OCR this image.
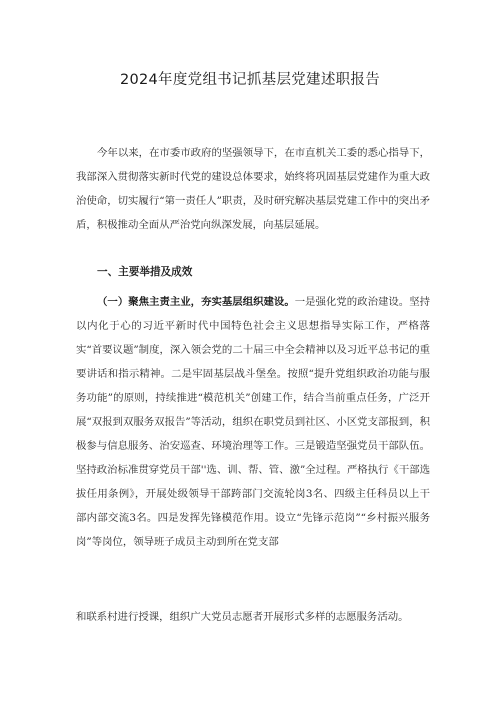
2024年度党组书记抓基层党建述职报告

今年以来，在市委市政府的坚强领导下，在市直机关工委的悉心指导下，我部深入贯彻落实新时代党的建设总体要求，始终将巩固基层党建作为重大政治使命，切实履行“第一责任人”职责，及时研究解决基层党建工作中的突出矛盾，积极推动全面从严治党向纵深发展，向基层延展。

一、主要举措及成效

（一）聚焦主责主业，夯实基层组织建设。一是强化党的政治建设。坚持以内化于心的习近平新时代中国特色社会主义思想指导实际工作，严格落实“首要议题”制度，深入领会党的二十届三中全会精神以及习近平总书记的重要讲话和指示精神。二是牢固基层战斗堡垒。按照“提升党组织政治功能与服务功能”的原则，持续推进“模范机关”创建工作，结合当前重点任务，广泛开展“双报到双服务双报告”等活动，组织在职党员到社区、小区党支部报到，积极参与信息服务、治安巡查、环境治理等工作。三是锻造坚强党员干部队伍。坚持政治标准贯穿党员干部''选、训、帮、管、激”全过程。严格执行《干部选拔任用条例》，开展处级领导干部跨部门交流轮岗3名、四级主任科员以上干部内部交流3名。四是发挥先锋模范作用。设立“先锋示范岗”“乡村振兴服务岗”等岗位，领导班子成员主动到所在党支部

和联系村进行授课，组织广大党员志愿者开展形式多样的志愿服务活动。
